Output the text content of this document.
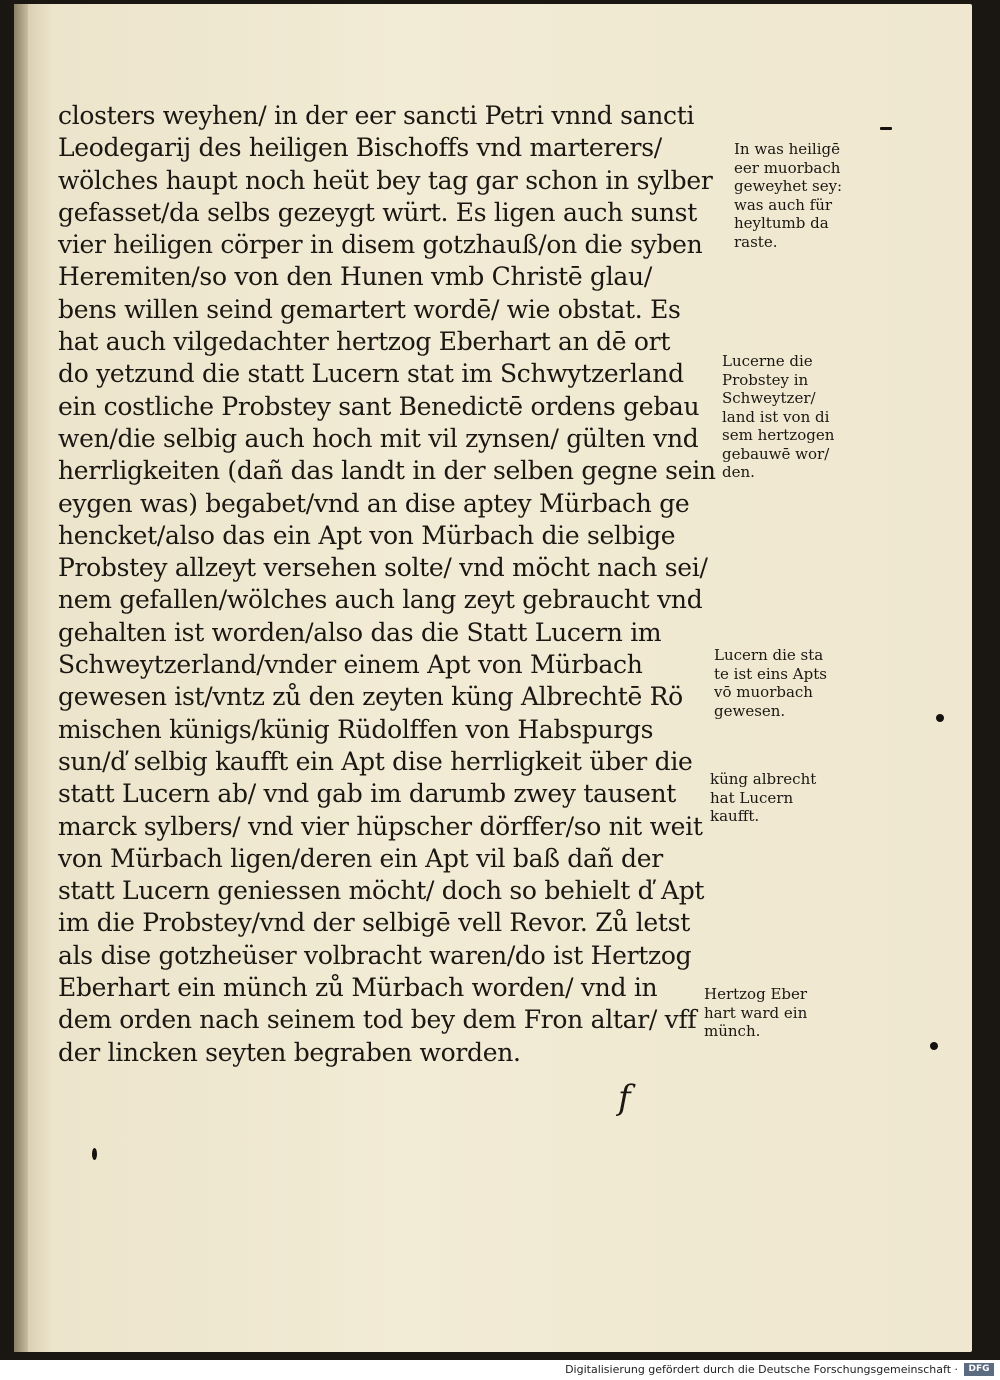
closters weyhen/ in der eer sancti Petri vnnd sancti
Leodegarij des heiligen Bischoffs vnd marterers/
wölches haupt noch heüt bey tag gar schon in sylber
gefasset/da selbs gezeygt würt. Es ligen auch sunst
vier heiligen cörper in disem gotzhauß/on die syben
Heremiten/so von den Hunen vmb Christē glau/
bens willen seind gemartert wordē/ wie obstat. Es
hat auch vilgedachter hertzog Eberhart an dē ort
do yetzund die statt Lucern stat im Schwytzerland
ein costliche Probstey sant Benedictē ordens gebau
wen/die selbig auch hoch mit vil zynsen/ gülten vnd
herrligkeiten (dañ das landt in der selben gegne sein
eygen was) begabet/vnd an dise aptey Mürbach ge
hencket/also das ein Apt von Mürbach die selbige
Probstey allzeyt versehen solte/ vnd möcht nach sei/
nem gefallen/wölches auch lang zeyt gebraucht vnd
gehalten ist worden/also das die Statt Lucern im
Schweytzerland/vnder einem Apt von Mürbach
gewesen ist/vntz zů den zeyten küng Albrechtē Rö
mischen künigs/künig Rüdolffen von Habspurgs
sun/ď selbig kaufft ein Apt dise herrligkeit über die
statt Lucern ab/ vnd gab im darumb zwey tausent
marck sylbers/ vnd vier hüpscher dörffer/so nit weit
von Mürbach ligen/deren ein Apt vil baß dañ der
statt Lucern geniessen möcht/ doch so behielt ď Apt
im die Probstey/vnd der selbigē vell Revor. Zů letst
als dise gotzheüser volbracht waren/do ist Hertzog
Eberhart ein münch zů Mürbach worden/ vnd in
dem orden nach seinem tod bey dem Fron altar/ vff
der lincken seyten begraben worden.
In was heiligē
eer muorbach
geweyhet sey:
was auch für
heyltumb da
raste.
Lucerne die
Probstey in
Schweytzer/
land ist von di
sem hertzogen
gebauwē wor/
den.
Lucern die sta
te ist eins Apts
vō muorbach
gewesen.
küng albrecht
hat Lucern
kaufft.
Hertzog Eber
hart ward ein
münch.
f
Digitalisierung gefördert durch die Deutsche Forschungsgemeinschaft ·	DFG
